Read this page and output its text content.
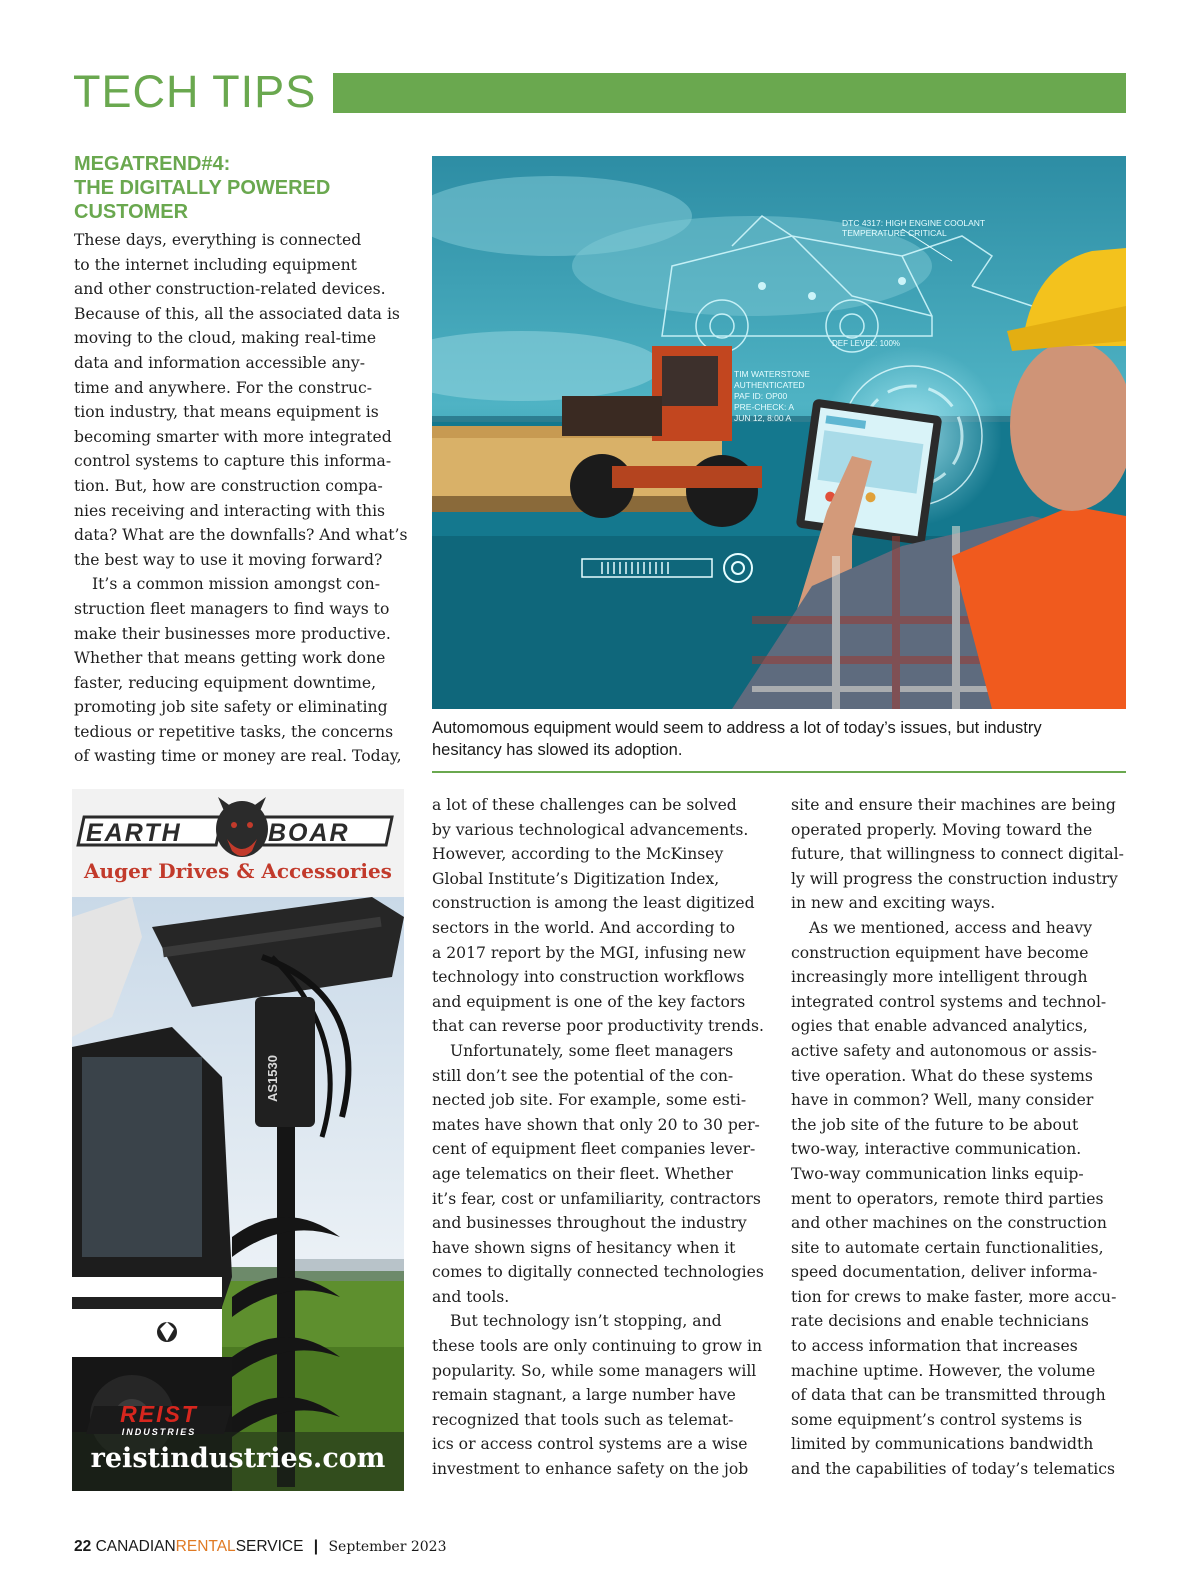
TECH TIPS
MEGATREND#4:
THE DIGITALLY POWERED
CUSTOMER
These days, everything is connected
to the internet including equipment
and other construction-related devices.
Because of this, all the associated data is
moving to the cloud, making real-time
data and information accessible any-
time and anywhere. For the construc-
tion industry, that means equipment is
becoming smarter with more integrated
control systems to capture this informa-
tion. But, how are construction compa-
nies receiving and interacting with this
data? What are the downfalls? And what’s
the best way to use it moving forward?
It’s a common mission amongst con-
struction fleet managers to find ways to
make their businesses more productive.
Whether that means getting work done
faster, reducing equipment downtime,
promoting job site safety or eliminating
tedious or repetitive tasks, the concerns
of wasting time or money are real. Today,
DTC 4317: HIGH ENGINE COOLANT
TEMPERATURE CRITICAL
DEF LEVEL: 100%
TIM WATERSTONE
AUTHENTICATED
PAF ID: OP00
PRE-CHECK: A
JUN 12, 8:00 A
Automomous equipment would seem to address a lot of today’s issues, but industry
hesitancy has slowed its adoption.
EARTH	BOAR
Auger Drives & Accessories
AS1530
REIST
INDUSTRIES
reistindustries.com
a lot of these challenges can be solved
by various technological advancements.
However, according to the McKinsey
Global Institute’s Digitization Index,
construction is among the least digitized
sectors in the world. And according to
a 2017 report by the MGI, infusing new
technology into construction workflows
and equipment is one of the key factors
that can reverse poor productivity trends.
Unfortunately, some fleet managers
still don’t see the potential of the con-
nected job site. For example, some esti-
mates have shown that only 20 to 30 per-
cent of equipment fleet companies lever-
age telematics on their fleet. Whether
it’s fear, cost or unfamiliarity, contractors
and businesses throughout the industry
have shown signs of hesitancy when it
comes to digitally connected technologies
and tools.
But technology isn’t stopping, and
these tools are only continuing to grow in
popularity. So, while some managers will
remain stagnant, a large number have
recognized that tools such as telemat-
ics or access control systems are a wise
investment to enhance safety on the job
site and ensure their machines are being
operated properly. Moving toward the
future, that willingness to connect digital-
ly will progress the construction industry
in new and exciting ways.
As we mentioned, access and heavy
construction equipment have become
increasingly more intelligent through
integrated control systems and technol-
ogies that enable advanced analytics,
active safety and autonomous or assis-
tive operation. What do these systems
have in common? Well, many consider
the job site of the future to be about
two-way, interactive communication.
Two-way communication links equip-
ment to operators, remote third parties
and other machines on the construction
site to automate certain functionalities,
speed documentation, deliver informa-
tion for crews to make faster, more accu-
rate decisions and enable technicians
to access information that increases
machine uptime. However, the volume
of data that can be transmitted through
some equipment’s control systems is
limited by communications bandwidth
and the capabilities of today’s telematics
22 CANADIANRENTALSERVICE | September 2023
